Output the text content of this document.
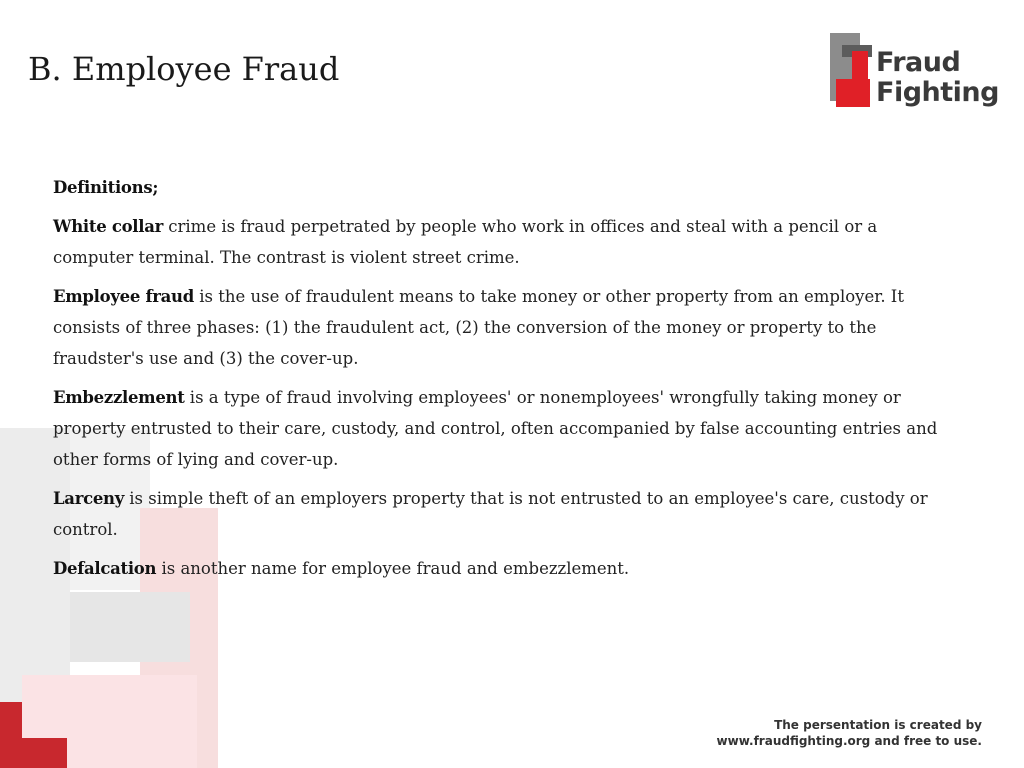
B. Employee Fraud	Fraud
Fighting

Definitions;

White collar crime is fraud perpetrated by people who work in offices and steal with a pencil or a computer terminal. The contrast is violent street crime.

Employee fraud is the use of fraudulent means to take money or other property from an employer. It consists of three phases: (1) the fraudulent act, (2) the conversion of the money or property to the fraudster's use and (3) the cover-up.

Embezzlement is a type of fraud involving employees' or nonemployees' wrongfully taking money or property entrusted to their care, custody, and control, often accompanied by false accounting entries and other forms of lying and cover-up.

Larceny is simple theft of an employers property that is not entrusted to an employee's care, custody or control.

Defalcation is another name for employee fraud and embezzlement.

The persentation is created by
www.fraudfighting.org and free to use.
